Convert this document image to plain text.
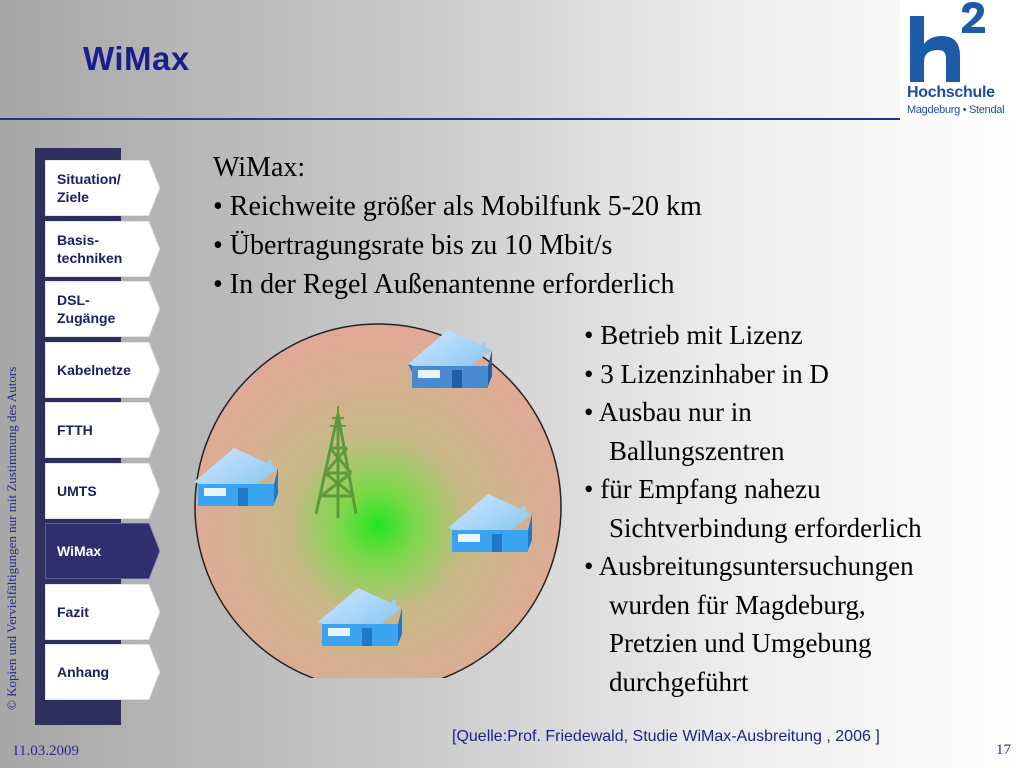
WiMax
Hochschule
Magdeburg • Stendal
Situation/ Ziele
Basis-techniken
DSL-Zugänge
Kabelnetze
FTTH
UMTS
WiMax
Fazit
Anhang
© Kopien und Vervielfältigungen nur mit Zustimmung des Autors
WiMax:
• Reichweite größer als Mobilfunk 5-20 km
• Übertragungsrate bis zu 10 Mbit/s
• In der Regel Außenantenne erforderlich
• Betrieb mit Lizenz
• 3 Lizenzinhaber in D
• Ausbau nur in
Ballungszentren
• für Empfang nahezu
Sichtverbindung erforderlich
• Ausbreitungsuntersuchungen
wurden für Magdeburg,
Pretzien und Umgebung
durchgeführt
[Quelle:Prof. Friedewald, Studie WiMax-Ausbreitung , 2006 ]
11.03.2009	17
